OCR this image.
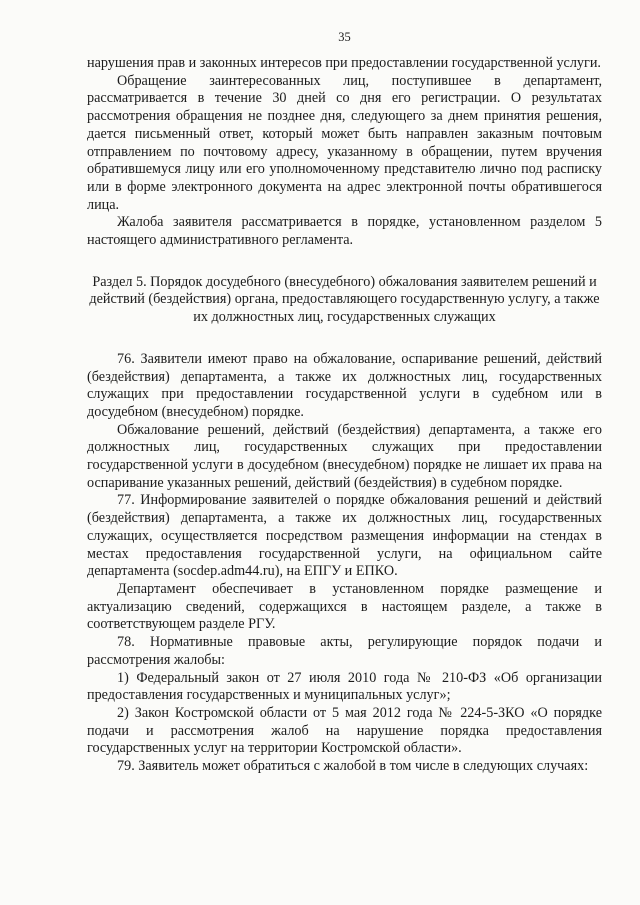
35

нарушения прав и законных интересов при предоставлении государственной услуги.

Обращение заинтересованных лиц, поступившее в департамент, рассматривается в течение 30 дней со дня его регистрации. О результатах рассмотрения обращения не позднее дня, следующего за днем принятия решения, дается письменный ответ, который может быть направлен заказным почтовым отправлением по почтовому адресу, указанному в обращении, путем вручения обратившемуся лицу или его уполномоченному представителю лично под расписку или в форме электронного документа на адрес электронной почты обратившегося лица.

Жалоба заявителя рассматривается в порядке, установленном разделом 5 настоящего административного регламента.

Раздел 5. Порядок досудебного (внесудебного) обжалования заявителем решений и действий (бездействия) органа, предоставляющего государственную услугу, а также их должностных лиц, государственных служащих

76. Заявители имеют право на обжалование, оспаривание решений, действий (бездействия) департамента, а также их должностных лиц, государственных служащих при предоставлении государственной услуги в судебном или в досудебном (внесудебном) порядке.

Обжалование решений, действий (бездействия) департамента, а также его должностных лиц, государственных служащих при предоставлении государственной услуги в досудебном (внесудебном) порядке не лишает их права на оспаривание указанных решений, действий (бездействия) в судебном порядке.

77. Информирование заявителей о порядке обжалования решений и действий (бездействия) департамента, а также их должностных лиц, государственных служащих, осуществляется посредством размещения информации на стендах в местах предоставления государственной услуги, на официальном сайте департамента (socdep.adm44.ru), на ЕПГУ и ЕПКО.

Департамент обеспечивает в установленном порядке размещение и актуализацию сведений, содержащихся в настоящем разделе, а также в соответствующем разделе РГУ.

78. Нормативные правовые акты, регулирующие порядок подачи и рассмотрения жалобы:

1) Федеральный закон от 27 июля 2010 года № 210-ФЗ «Об организации предоставления государственных и муниципальных услуг»;

2) Закон Костромской области от 5 мая 2012 года № 224-5-ЗКО «О порядке подачи и рассмотрения жалоб на нарушение порядка предоставления государственных услуг на территории Костромской области».

79. Заявитель может обратиться с жалобой в том числе в следующих случаях:
